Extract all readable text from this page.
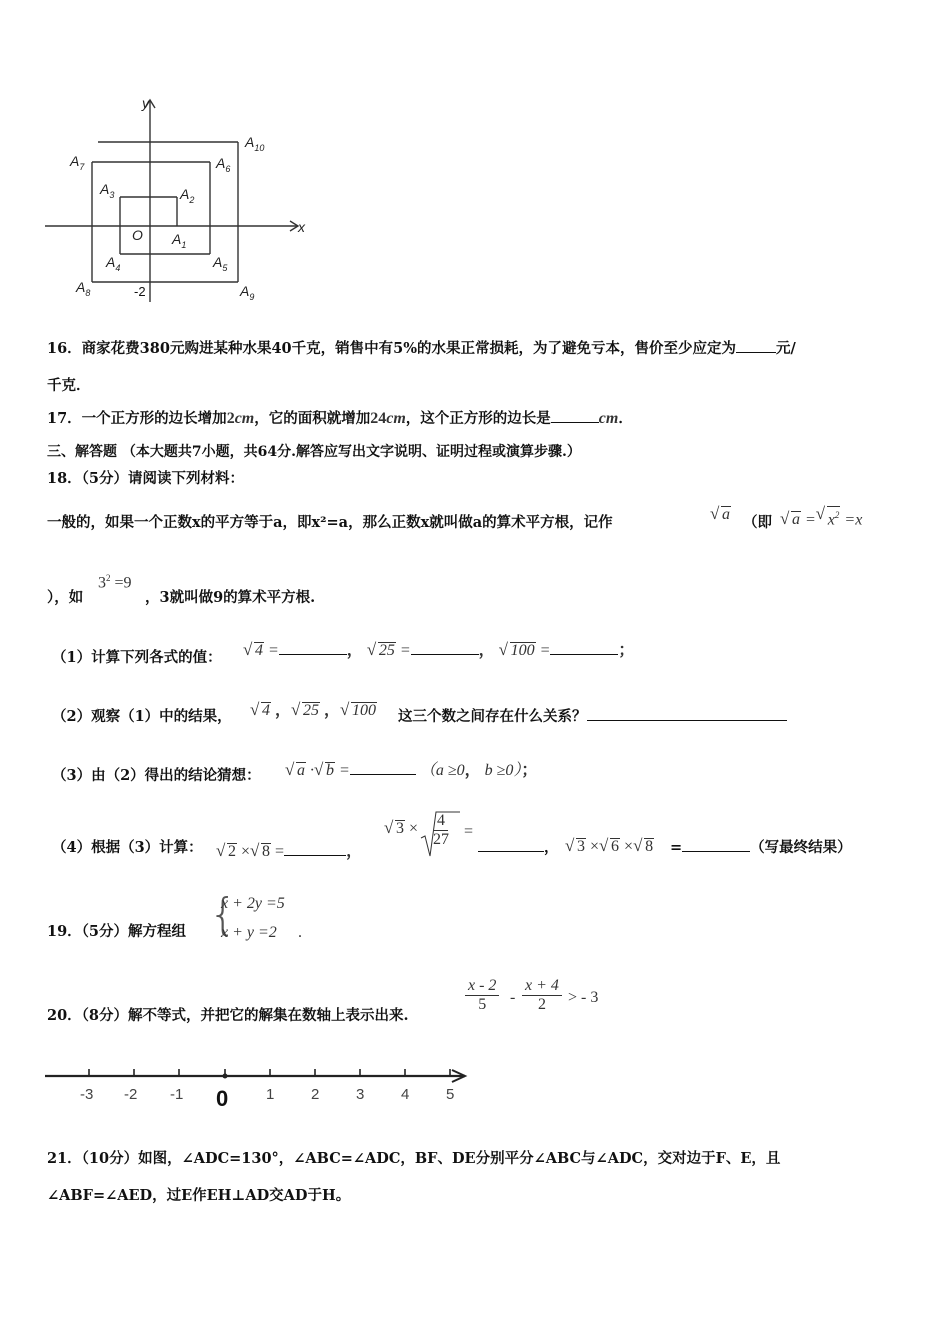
y
x
O
-2
$A_1$
$A_2$
$A_3$
$A_4$	$A_5$
$A_6$
$A_7$
$A_8$	$A_9$
$A_{10}$
16．商家花费380元购进某种水果40千克，销售中有5%的水果正常损耗，为了避免亏本，售价至少应定为	元/
千克．
17．一个正方形的边长增加2cm，它的面积就增加24cm，这个正方形的边长是	cm．
三、解答题 （本大题共7小题，共64分.解答应写出文字说明、证明过程或演算步骤.）
18．（5分）请阅读下列材料：
一般的，如果一个正数x的平方等于a，即x²=a，那么正数x就叫做a的算术平方根，记作	√ a （即	√ a = √ $x^2 =x$
），如
$3^2 =9$
，3就叫做9的算术平方根.
（1）计算下列各式的值：	√ 4 =	， √ 25 =	， √ 100 =	；
（2）观察（1）中的结果，	√ 4 ， √ 25 ， √ 100 这三个数之间存在什么关系？
（3）由（2）得出的结论猜想：	√ a · √ b =	（a ≥0， b ≥0）；
（4）根据（3）计算：	√ 2 × √ 8 =	，
√ $3 \times \frac{4}{27}$ =
，	√ 3 × √ 6 × √ 8 =	（写最终结果）
19．（5分）解方程组 {
x + 2y =5
x + y =2 .
20．（8分）解不等式，并把它的解集在数轴上表示出来.
$\frac{x - 2}{5} - \frac{x + 4}{2}$ > - 3
-3 -2 -1 0	1 2 3 4 5
21．（10分）如图，∠ADC=130°，∠ABC=∠ADC，BF、DE分别平分∠ABC与∠ADC，交对边于F、E，且
∠ABF=∠AED，过E作EH⊥AD交AD于H。
